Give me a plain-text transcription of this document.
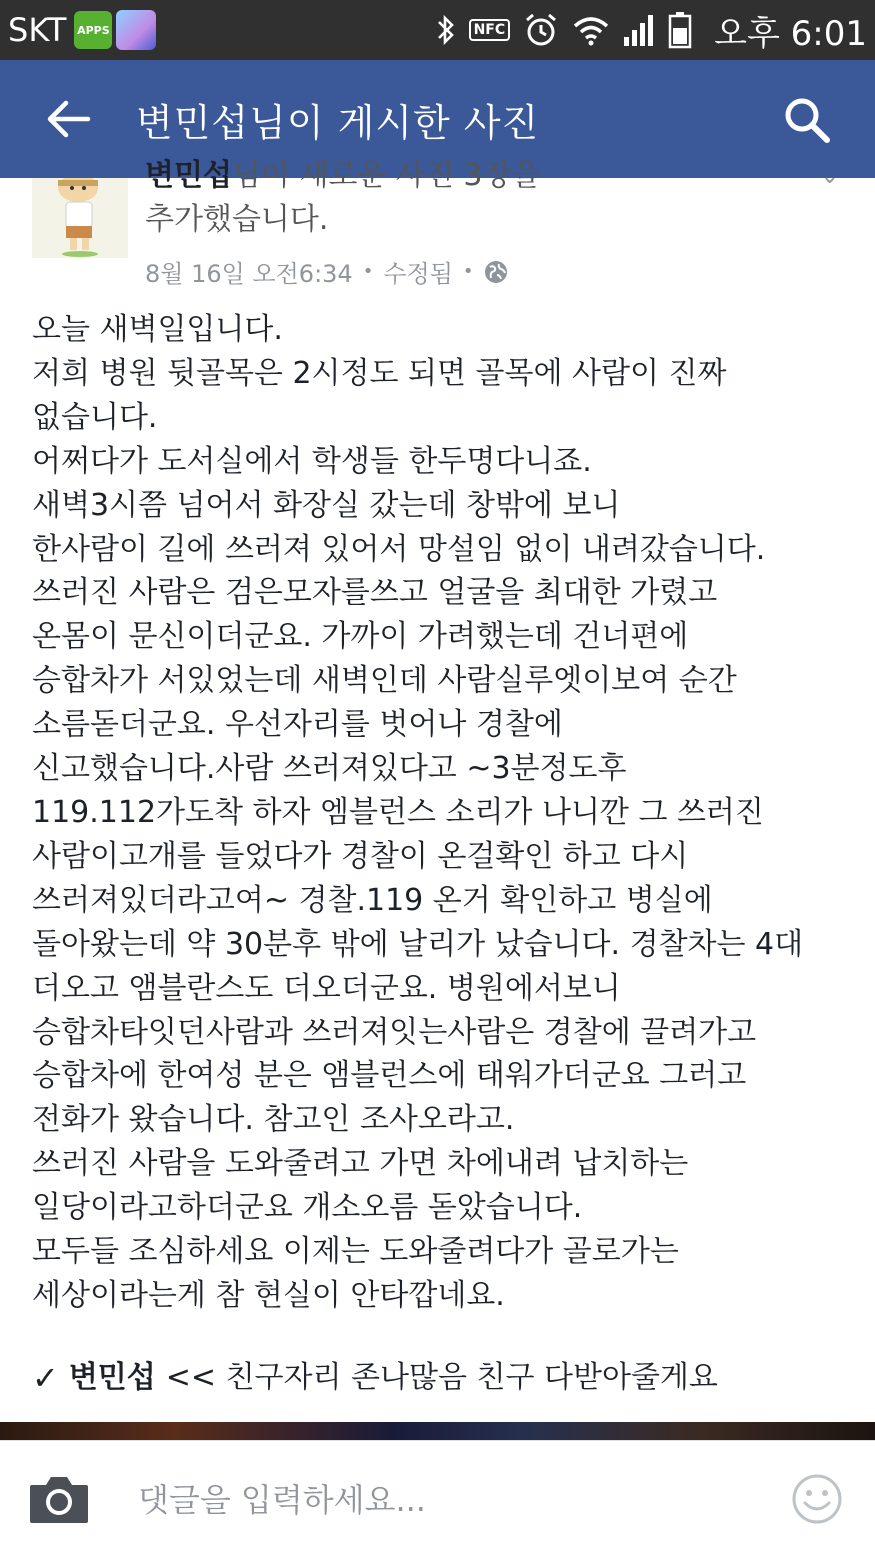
SKT APPS	NFC	오후 6:01
변민섭님이 게시한 사진
변민섭님이 새로운 사진 3장을
추가했습니다.
⌄
8월 16일 오전6:34 • 수정됨 •

오늘 새벽일입니다.

저희 병원 뒷골목은 2시정도 되면 골목에 사람이 진짜

없습니다.

어쩌다가 도서실에서 학생들 한두명다니죠.

새벽3시쯤 넘어서 화장실 갔는데 창밖에 보니

한사람이 길에 쓰러져 있어서 망설임 없이 내려갔습니다.

쓰러진 사람은 검은모자를쓰고 얼굴을 최대한 가렸고

온몸이 문신이더군요. 가까이 가려했는데 건너편에

승합차가 서있었는데 새벽인데 사람실루엣이보여 순간

소름돋더군요. 우선자리를 벗어나 경찰에

신고했습니다.사람 쓰러져있다고 ~3분정도후

119.112가도착 하자 엠블런스 소리가 나니깐 그 쓰러진

사람이고개를 들었다가 경찰이 온걸확인 하고 다시

쓰러져있더라고여~ 경찰.119 온거 확인하고 병실에

돌아왔는데 약 30분후 밖에 날리가 났습니다. 경찰차는 4대

더오고 앰블란스도 더오더군요. 병원에서보니

승합차타잇던사람과 쓰러져잇는사람은 경찰에 끌려가고

승합차에 한여성 분은 앰블런스에 태워가더군요 그러고

전화가 왔습니다. 참고인 조사오라고.

쓰러진 사람을 도와줄려고 가면 차에내려 납치하는

일당이라고하더군요 개소오름 돋았습니다.

모두들 조심하세요 이제는 도와줄려다가 골로가는

세상이라는게 참 현실이 안타깝네요.

✓ 변민섭 << 친구자리 존나많음 친구 다받아줄게요
댓글을 입력하세요...
